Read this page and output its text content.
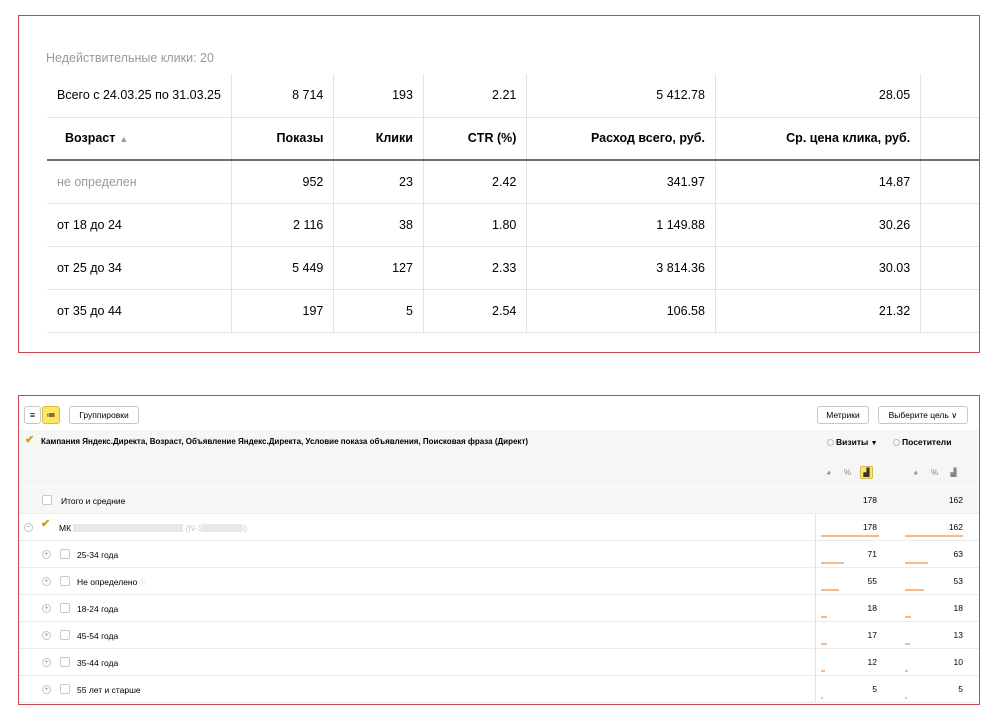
Недействительные клики: 20
Всего с 24.03.25 по 31.03.25	8 714	193	2.21	5 412.78	28.05	
Возраст ▲	Показы	Клики	CTR (%)	Расход всего, руб.	Ср. цена клика, руб.	
не определен	952	23	2.42	341.97	14.87	
от 18 до 24	2 116	38	1.80	1 149.88	30.26	
от 25 до 34	5 449	127	2.33	3 814.36	30.03	
от 35 до 44	197	5	2.54	106.58	21.32	
≡ ≔	Группировки	Метрики	Выберите цель ∨
✔ Кампания Яндекс.Директа, Возраст, Объявление Яндекс.Директа, Условие показа объявления, Поисковая фраза (Директ)	Визиты ▼	Посетители
◕	%	▟	◕	%	▟
Итого и средние	178	162
− ✔ МК	(N-1	i)	178	162
+	25-34 года	71	63
+	Не определено ⓘ	55	53
+	18-24 года	18	18
+	45-54 года	17	13
+	35-44 года	12	10
+	55 лет и старше	5	5
